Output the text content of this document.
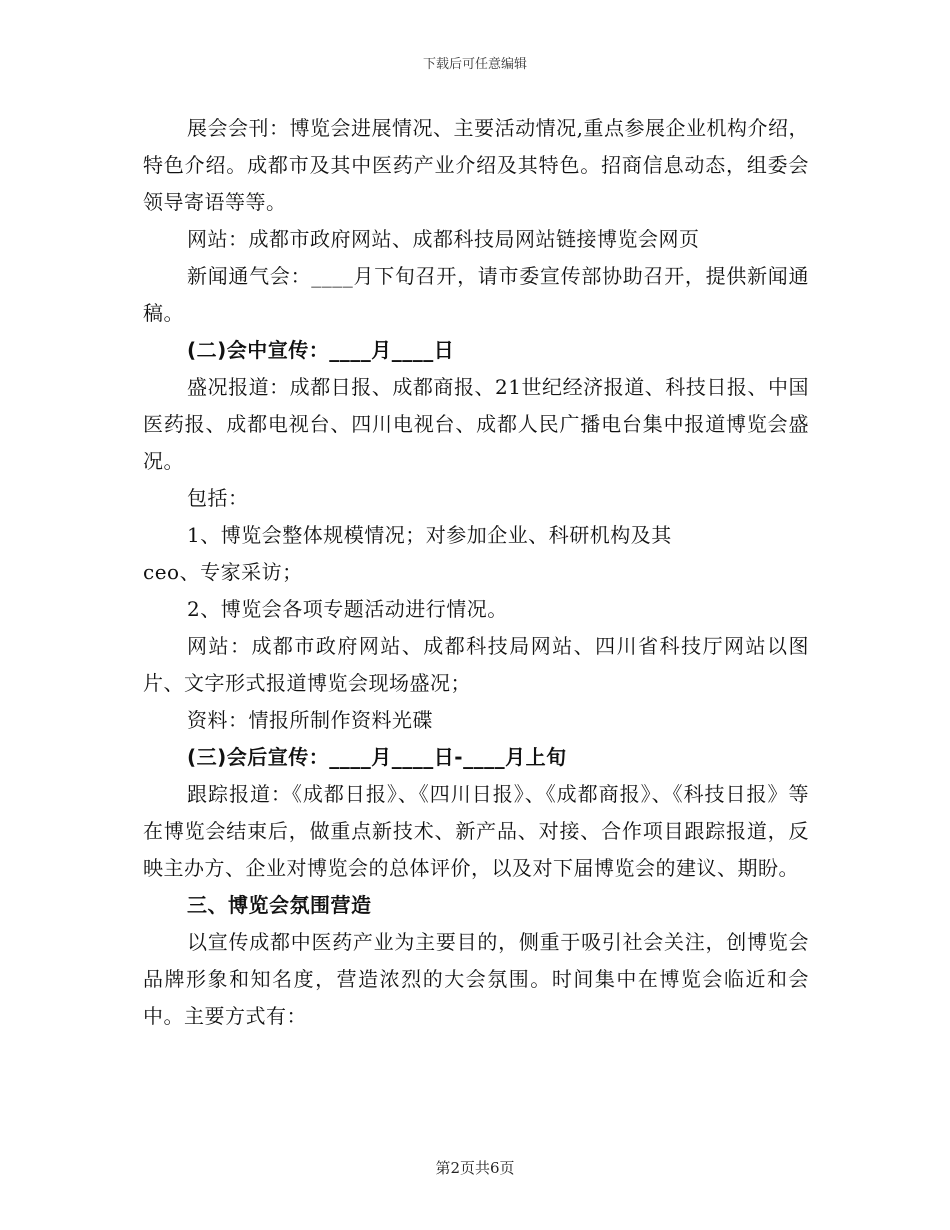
下载后可任意编辑

展会会刊：博览会进展情况、主要活动情况,重点参展企业机构介绍，特色介绍。成都市及其中医药产业介绍及其特色。招商信息动态，组委会领导寄语等等。

网站：成都市政府网站、成都科技局网站链接博览会网页

新闻通气会：____月下旬召开，请市委宣传部协助召开，提供新闻通稿。

(二)会中宣传：____月____日

盛况报道：成都日报、成都商报、21世纪经济报道、科技日报、中国医药报、成都电视台、四川电视台、成都人民广播电台集中报道博览会盛况。

包括：

1、博览会整体规模情况；对参加企业、科研机构及其

ceo、专家采访；

2、博览会各项专题活动进行情况。

网站：成都市政府网站、成都科技局网站、四川省科技厅网站以图片、文字形式报道博览会现场盛况；

资料：情报所制作资料光碟

(三)会后宣传：____月____日-____月上旬

跟踪报道：《成都日报》、《四川日报》、《成都商报》、《科技日报》等在博览会结束后，做重点新技术、新产品、对接、合作项目跟踪报道，反映主办方、企业对博览会的总体评价，以及对下届博览会的建议、期盼。

三、博览会氛围营造

以宣传成都中医药产业为主要目的，侧重于吸引社会关注，创博览会品牌形象和知名度，营造浓烈的大会氛围。时间集中在博览会临近和会中。主要方式有：

第2页共6页
